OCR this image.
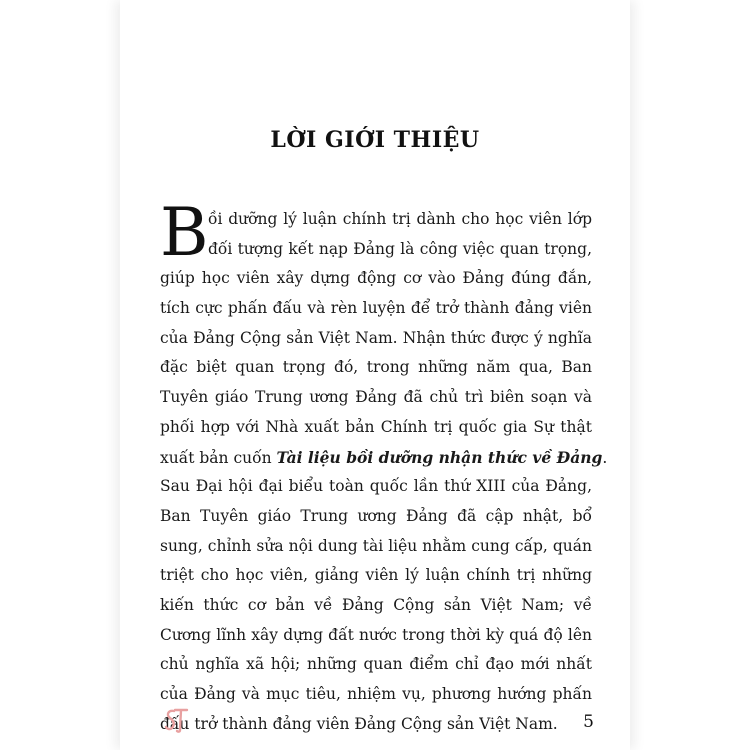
LỜI GIỚI THIỆU
B ồi dưỡng lý luận chính trị dành cho học viên lớp
đối tượng kết nạp Đảng là công việc quan trọng,
giúp học viên xây dựng động cơ vào Đảng đúng đắn,
tích cực phấn đấu và rèn luyện để trở thành đảng viên
của Đảng Cộng sản Việt Nam. Nhận thức được ý nghĩa
đặc biệt quan trọng đó, trong những năm qua, Ban
Tuyên giáo Trung ương Đảng đã chủ trì biên soạn và
phối hợp với Nhà xuất bản Chính trị quốc gia Sự thật
xuất bản cuốn Tài liệu bồi dưỡng nhận thức về Đảng.
Sau Đại hội đại biểu toàn quốc lần thứ XIII của Đảng,
Ban Tuyên giáo Trung ương Đảng đã cập nhật, bổ
sung, chỉnh sửa nội dung tài liệu nhằm cung cấp, quán
triệt cho học viên, giảng viên lý luận chính trị những
kiến thức cơ bản về Đảng Cộng sản Việt Nam; về
Cương lĩnh xây dựng đất nước trong thời kỳ quá độ lên
chủ nghĩa xã hội; những quan điểm chỉ đạo mới nhất
của Đảng và mục tiêu, nhiệm vụ, phương hướng phấn
đấu trở thành đảng viên Đảng Cộng sản Việt Nam.	5
